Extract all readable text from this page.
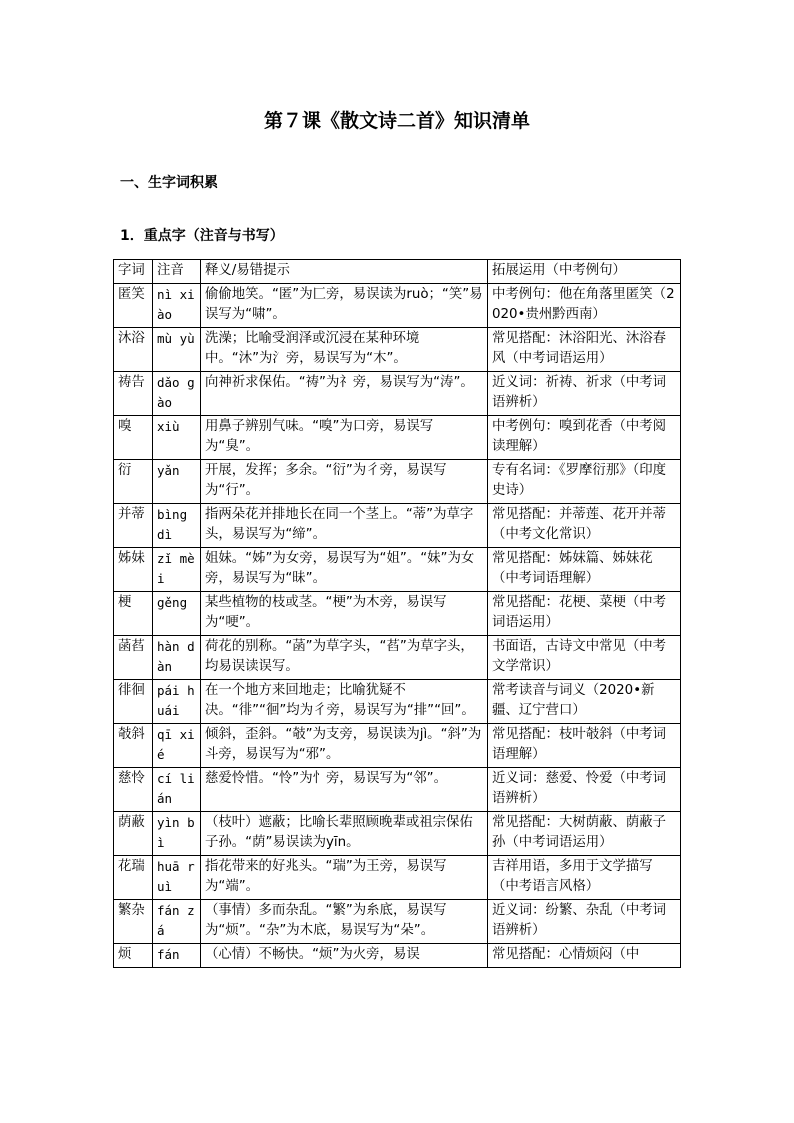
第７课《散文诗二首》知识清单
一、生字词积累
1．重点字（注音与书写）
字词	注音	释义/易错提示	拓展运用（中考例句）
匿笑	nì xiào	偷偷地笑。“匿”为匚旁，易误读为ruò；“笑”易误写为“啸”。	中考例句：他在角落里匿笑（2020•贵州黔西南）
沐浴	mù yù	洗澡；比喻受润泽或沉浸在某种环境中。“沐”为氵旁，易误写为“木”。	常见搭配：沐浴阳光、沐浴春风（中考词语运用）
祷告	dǎo gào	向神祈求保佑。“祷”为礻旁，易误写为“涛”。	近义词：祈祷、祈求（中考词语辨析）
嗅	xiù	用鼻子辨别气味。“嗅”为口旁，易误写为“臭”。	中考例句：嗅到花香（中考阅读理解）
衍	yǎn	开展，发挥；多余。“衍”为彳旁，易误写为“行”。	专有名词：《罗摩衍那》（印度史诗）
并蒂	bìng dì	指两朵花并排地长在同一个茎上。“蒂”为草字头，易误写为“缔”。	常见搭配：并蒂莲、花开并蒂（中考文化常识）
姊妹	zǐ mèi	姐妹。“姊”为女旁，易误写为“姐”。“妹”为女旁，易误写为“昧”。	常见搭配：姊妹篇、姊妹花（中考词语理解）
梗	gěng	某些植物的枝或茎。“梗”为木旁，易误写为“哽”。	常见搭配：花梗、菜梗（中考词语运用）
菡萏	hàn dàn	荷花的别称。“菡”为草字头，“萏”为草字头，均易误读误写。	书面语，古诗文中常见（中考文学常识）
徘徊	pái huái	在一个地方来回地走；比喻犹疑不决。“徘”“徊”均为彳旁，易误写为“排”“回”。	常考读音与词义（2020•新疆、辽宁营口）
攲斜	qī xié	倾斜，歪斜。“攲”为支旁，易误读为jì。“斜”为斗旁，易误写为“邪”。	常见搭配：枝叶攲斜（中考词语理解）
慈怜	cí lián	慈爱怜惜。“怜”为忄旁，易误写为“邻”。	近义词：慈爱、怜爱（中考词语辨析）
荫蔽	yìn bì	（枝叶）遮蔽；比喻长辈照顾晚辈或祖宗保佑子孙。“荫”易误读为yīn。	常见搭配：大树荫蔽、荫蔽子孙（中考词语运用）
花瑞	huā ruì	指花带来的好兆头。“瑞”为王旁，易误写为“端”。	吉祥用语，多用于文学描写（中考语言风格）
繁杂	fán zá	（事情）多而杂乱。“繁”为糸底，易误写为“烦”。“杂”为木底，易误写为“朵”。	近义词：纷繁、杂乱（中考词语辨析）
烦	fán	（心情）不畅快。“烦”为火旁，易误	常见搭配：心情烦闷（中
